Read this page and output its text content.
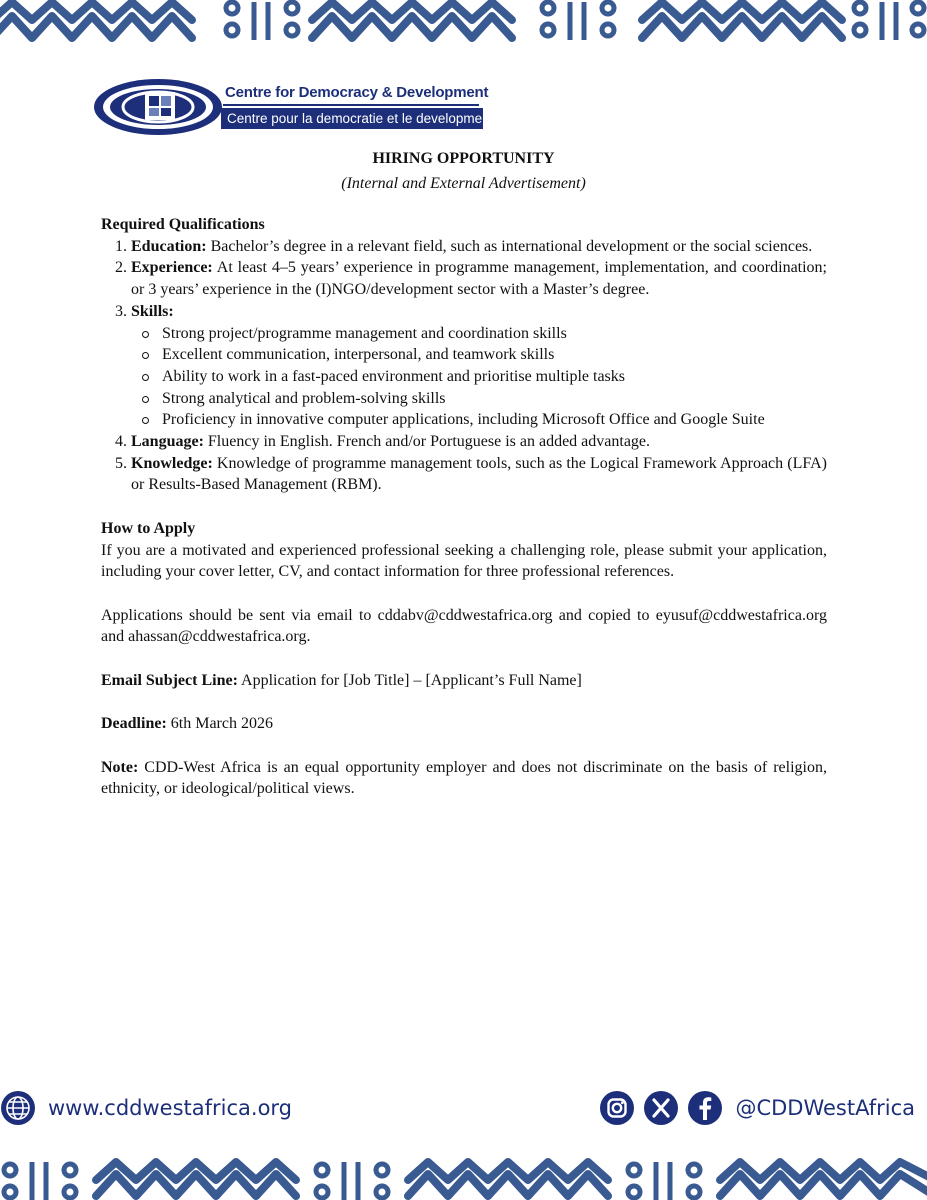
Centre for Democracy & Development
Centre pour la democratie et le development
HIRING OPPORTUNITY
(Internal and External Advertisement)

Required Qualifications

1. Education: Bachelor’s degree in a relevant field, such as international development or the social sciences.
2. Experience: At least 4–5 years’ experience in programme management, implementation, and coordination; or 3 years’ experience in the (I)NGO/development sector with a Master’s degree.
3. Skills:
Strong project/programme management and coordination skills
Excellent communication, interpersonal, and teamwork skills
Ability to work in a fast-paced environment and prioritise multiple tasks
Strong analytical and problem-solving skills
Proficiency in innovative computer applications, including Microsoft Office and Google Suite
4. Language: Fluency in English. French and/or Portuguese is an added advantage.
5. Knowledge: Knowledge of programme management tools, such as the Logical Framework Approach (LFA) or Results-Based Management (RBM).

How to Apply

If you are a motivated and experienced professional seeking a challenging role, please submit your application, including your cover letter, CV, and contact information for three professional references.

Applications should be sent via email to cddabv@cddwestafrica.org and copied to eyusuf@cddwestafrica.org and ahassan@cddwestafrica.org.

Email Subject Line: Application for [Job Title] – [Applicant’s Full Name]

Deadline: 6th March 2026

Note: CDD-West Africa is an equal opportunity employer and does not discriminate on the basis of religion, ethnicity, or ideological/political views.

www.cddwestafrica.org	@CDDWestAfrica
